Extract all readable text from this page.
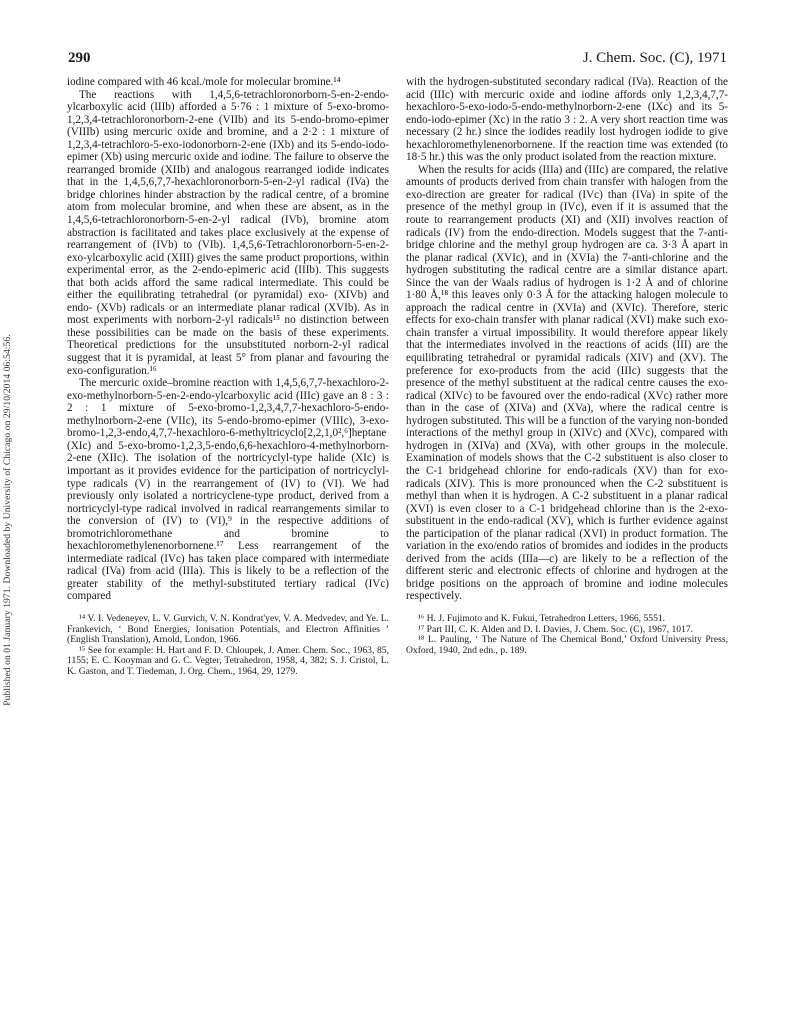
Published on 01 January 1971. Downloaded by University of Chicago on 29/10/2014 06:54:56.
290	J. Chem. Soc. (C), 1971

iodine compared with 46 kcal./mole for molecular bromine.¹⁴

The reactions with 1,4,5,6-tetrachloronorborn-5-en-2-endo-ylcarboxylic acid (IIIb) afforded a 5·76 : 1 mixture of 5-exo-bromo-1,2,3,4-tetrachloronorborn-2-ene (VIIb) and its 5-endo-bromo-epimer (VIIIb) using mercuric oxide and bromine, and a 2·2 : 1 mixture of 1,2,3,4-tetrachloro-5-exo-iodonorborn-2-ene (IXb) and its 5-endo-iodo-epimer (Xb) using mercuric oxide and iodine. The failure to observe the rearranged bromide (XIIb) and analogous rearranged iodide indicates that in the 1,4,5,6,7,7-hexachloronorborn-5-en-2-yl radical (IVa) the bridge chlorines hinder abstraction by the radical centre, of a bromine atom from molecular bromine, and when these are absent, as in the 1,4,5,6-tetrachloronorborn-5-en-2-yl radical (IVb), bromine atom abstraction is facilitated and takes place exclusively at the expense of rearrangement of (IVb) to (VIb). 1,4,5,6-Tetrachloronorborn-5-en-2-exo-ylcarboxylic acid (XIII) gives the same product proportions, within experimental error, as the 2-endo-epimeric acid (IIIb). This suggests that both acids afford the same radical intermediate. This could be either the equilibrating tetrahedral (or pyramidal) exo- (XIVb) and endo- (XVb) radicals or an intermediate planar radical (XVIb). As in most experiments with norborn-2-yl radicals¹⁵ no distinction between these possibilities can be made on the basis of these experiments. Theoretical predictions for the unsubstituted norborn-2-yl radical suggest that it is pyramidal, at least 5° from planar and favouring the exo-configuration.¹⁶

The mercuric oxide–bromine reaction with 1,4,5,6,7,7-hexachloro-2-exo-methylnorborn-5-en-2-endo-ylcarboxylic acid (IIIc) gave an 8 : 3 : 2 : 1 mixture of 5-exo-bromo-1,2,3,4,7,7-hexachloro-5-endo-methylnorborn-2-ene (VIIc), its 5-endo-bromo-epimer (VIIIc), 3-exo-bromo-1,2,3-endo,4,7,7-hexachloro-6-methyltricyclo[2,2,1,0²,⁶]heptane (XIc) and 5-exo-bromo-1,2,3,5-endo,6,6-hexachloro-4-methylnorborn-2-ene (XIIc). The isolation of the nortricyclyl-type halide (XIc) is important as it provides evidence for the participation of nortricyclyl-type radicals (V) in the rearrangement of (IV) to (VI). We had previously only isolated a nortricyclene-type product, derived from a nortricyclyl-type radical involved in radical rearrangements similar to the conversion of (IV) to (VI),⁹ in the respective additions of bromotrichloromethane and bromine to hexachloromethylenenorbornene.¹⁷ Less rearrangement of the intermediate radical (IVc) has taken place compared with intermediate radical (IVa) from acid (IIIa). This is likely to be a reflection of the greater stability of the methyl-substituted tertiary radical (IVc) compared

¹⁴ V. I. Vedeneyev, L. V. Gurvich, V. N. Kondrat'yev, V. A. Medvedev, and Ye. L. Frankevich, ‘ Bond Energies, Ionisation Potentials, and Electron Affinities ’ (English Translation), Arnold, London, 1966.

¹⁵ See for example: H. Hart and F. D. Chloupek, J. Amer. Chem. Soc., 1963, 85, 1155; E. C. Kooyman and G. C. Vegter, Tetrahedron, 1958, 4, 382; S. J. Cristol, L. K. Gaston, and T. Tiedeman, J. Org. Chem., 1964, 29, 1279.

with the hydrogen-substituted secondary radical (IVa). Reaction of the acid (IIIc) with mercuric oxide and iodine affords only 1,2,3,4,7,7-hexachloro-5-exo-iodo-5-endo-methylnorborn-2-ene (IXc) and its 5-endo-iodo-epimer (Xc) in the ratio 3 : 2. A very short reaction time was necessary (2 hr.) since the iodides readily lost hydrogen iodide to give hexachloromethylenenorbornene. If the reaction time was extended (to 18·5 hr.) this was the only product isolated from the reaction mixture.

When the results for acids (IIIa) and (IIIc) are compared, the relative amounts of products derived from chain transfer with halogen from the exo-direction are greater for radical (IVc) than (IVa) in spite of the presence of the methyl group in (IVc), even if it is assumed that the route to rearrangement products (XI) and (XII) involves reaction of radicals (IV) from the endo-direction. Models suggest that the 7-anti-bridge chlorine and the methyl group hydrogen are ca. 3·3 Å apart in the planar radical (XVIc), and in (XVIa) the 7-anti-chlorine and the hydrogen substituting the radical centre are a similar distance apart. Since the van der Waals radius of hydrogen is 1·2 Å and of chlorine 1·80 Å,¹⁸ this leaves only 0·3 Å for the attacking halogen molecule to approach the radical centre in (XVIa) and (XVIc). Therefore, steric effects for exo-chain transfer with planar radical (XVI) make such exo-chain transfer a virtual impossibility. It would therefore appear likely that the intermediates involved in the reactions of acids (III) are the equilibrating tetrahedral or pyramidal radicals (XIV) and (XV). The preference for exo-products from the acid (IIIc) suggests that the presence of the methyl substituent at the radical centre causes the exo-radical (XIVc) to be favoured over the endo-radical (XVc) rather more than in the case of (XIVa) and (XVa), where the radical centre is hydrogen substituted. This will be a function of the varying non-bonded interactions of the methyl group in (XIVc) and (XVc), compared with hydrogen in (XIVa) and (XVa), with other groups in the molecule. Examination of models shows that the C-2 substituent is also closer to the C-1 bridgehead chlorine for endo-radicals (XV) than for exo-radicals (XIV). This is more pronounced when the C-2 substituent is methyl than when it is hydrogen. A C-2 substituent in a planar radical (XVI) is even closer to a C-1 bridgehead chlorine than is the 2-exo-substituent in the endo-radical (XV), which is further evidence against the participation of the planar radical (XVI) in product formation. The variation in the exo/endo ratios of bromides and iodides in the products derived from the acids (IIIa—c) are likely to be a reflection of the different steric and electronic effects of chlorine and hydrogen at the bridge positions on the approach of bromine and iodine molecules respectively.

¹⁶ H. J. Fujimoto and K. Fukui, Tetrahedron Letters, 1966, 5551.

¹⁷ Part III, C. K. Alden and D. I. Davies, J. Chem. Soc. (C), 1967, 1017.

¹⁸ L. Pauling, ‘ The Nature of The Chemical Bond,’ Oxford University Press, Oxford, 1940, 2nd edn., p. 189.
